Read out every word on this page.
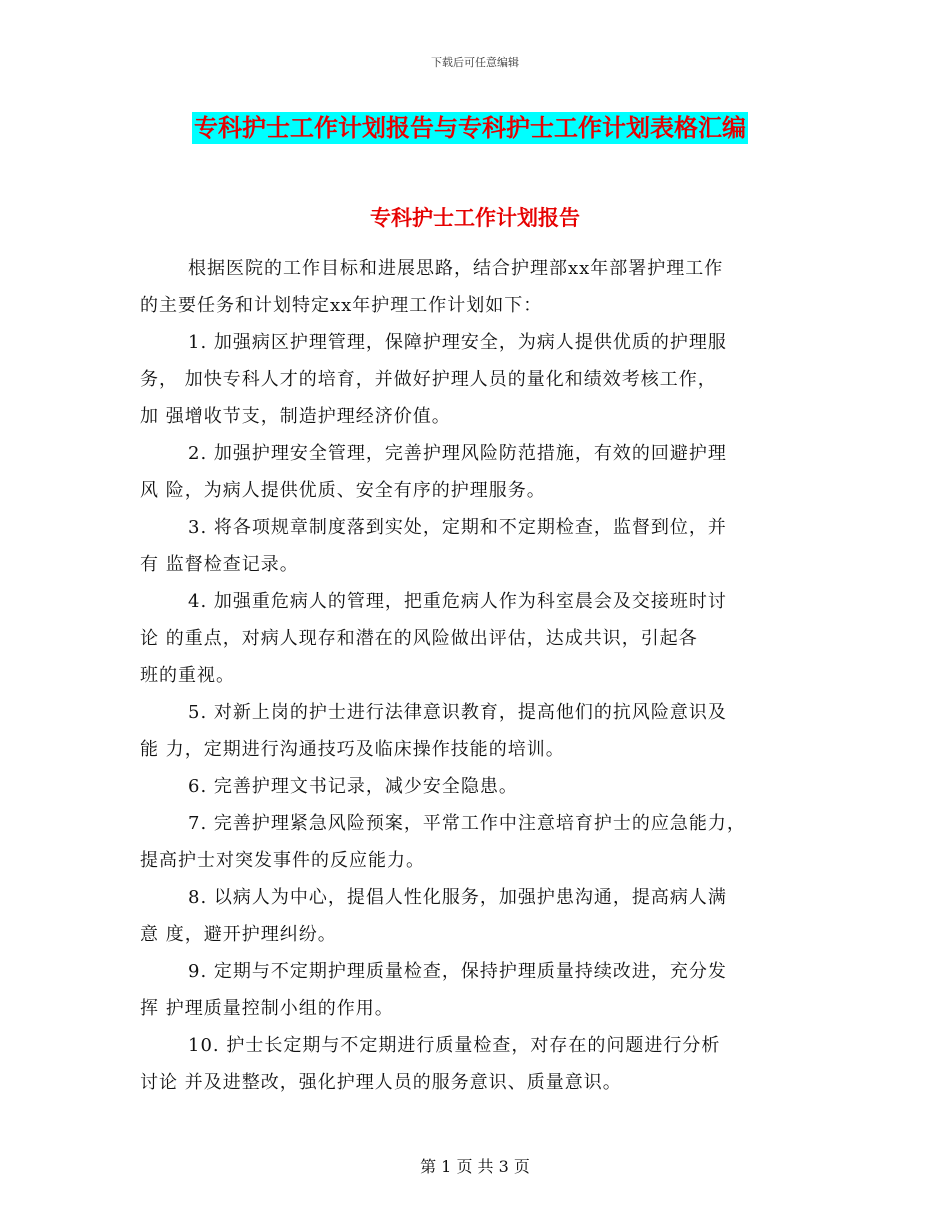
下载后可任意编辑
专科护士工作计划报告与专科护士工作计划表格汇编
专科护士工作计划报告
根据医院的工作目标和进展思路，结合护理部xx年部署护理工作
的主要任务和计划特定xx年护理工作计划如下：
1. 加强病区护理管理，保障护理安全，为病人提供优质的护理服
务， 加快专科人才的培育，并做好护理人员的量化和绩效考核工作，
加 强增收节支，制造护理经济价值。
2. 加强护理安全管理，完善护理风险防范措施，有效的回避护理
风 险，为病人提供优质、安全有序的护理服务。
3. 将各项规章制度落到实处，定期和不定期检查，监督到位，并
有 监督检查记录。
4. 加强重危病人的管理，把重危病人作为科室晨会及交接班时讨
论 的重点，对病人现存和潜在的风险做出评估，达成共识，引起各
班的重视。
5. 对新上岗的护士进行法律意识教育，提高他们的抗风险意识及
能 力，定期进行沟通技巧及临床操作技能的培训。
6. 完善护理文书记录，减少安全隐患。
7. 完善护理紧急风险预案，平常工作中注意培育护士的应急能力，
提高护士对突发事件的反应能力。
8. 以病人为中心，提倡人性化服务，加强护患沟通，提高病人满
意 度，避开护理纠纷。
9. 定期与不定期护理质量检查，保持护理质量持续改进，充分发
挥 护理质量控制小组的作用。
10. 护士长定期与不定期进行质量检查，对存在的问题进行分析
讨论 并及进整改，强化护理人员的服务意识、质量意识。
第 1 页 共 3 页
